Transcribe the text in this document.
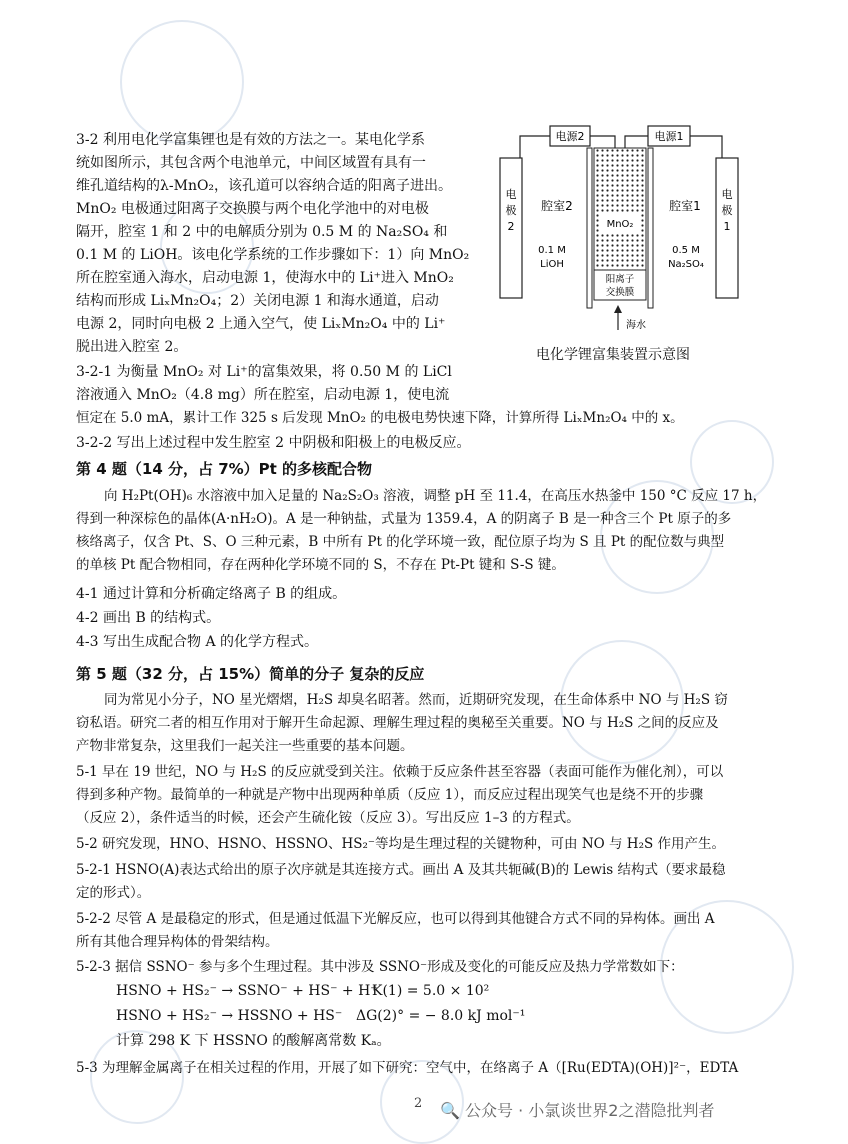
3-2 利用电化学富集锂也是有效的方法之一。某电化学系
统如图所示，其包含两个电池单元，中间区域置有具有一
维孔道结构的λ-MnO₂，该孔道可以容纳合适的阳离子进出。
MnO₂ 电极通过阳离子交换膜与两个电化学池中的对电极
隔开，腔室 1 和 2 中的电解质分别为 0.5 M 的 Na₂SO₄ 和
0.1 M 的 LiOH。该电化学系统的工作步骤如下：1）向 MnO₂
所在腔室通入海水，启动电源 1，使海水中的 Li⁺进入 MnO₂
结构而形成 LiₓMn₂O₄；2）关闭电源 1 和海水通道，启动
电源 2，同时向电极 2 上通入空气，使 LiₓMn₂O₄ 中的 Li⁺
脱出进入腔室 2。
3-2-1 为衡量 MnO₂ 对 Li⁺的富集效果，将 0.50 M 的 LiCl
溶液通入 MnO₂（4.8 mg）所在腔室，启动电源 1，使电流
恒定在 5.0 mA，累计工作 325 s 后发现 MnO₂ 的电极电势快速下降，计算所得 LiₓMn₂O₄ 中的 x。
3-2-2 写出上述过程中发生腔室 2 中阴极和阳极上的电极反应。
电源2	电源1
电极 2
电极 1
MnO₂
腔室2	腔室1
0.1 M LiOH
0.5 M Na₂SO₄
阳离子交换膜
海水
电化学锂富集装置示意图
第 4 题（14 分，占 7%）Pt 的多核配合物
向 H₂Pt(OH)₆ 水溶液中加入足量的 Na₂S₂O₃ 溶液，调整 pH 至 11.4，在高压水热釜中 150 °C 反应 17 h，
得到一种深棕色的晶体(A·nH₂O)。A 是一种钠盐，式量为 1359.4，A 的阴离子 B 是一种含三个 Pt 原子的多
核络离子，仅含 Pt、S、O 三种元素，B 中所有 Pt 的化学环境一致，配位原子均为 S 且 Pt 的配位数与典型
的单核 Pt 配合物相同，存在两种化学环境不同的 S，不存在 Pt-Pt 键和 S-S 键。
4-1 通过计算和分析确定络离子 B 的组成。
4-2 画出 B 的结构式。
4-3 写出生成配合物 A 的化学方程式。
第 5 题（32 分，占 15%）简单的分子 复杂的反应
同为常见小分子，NO 星光熠熠，H₂S 却臭名昭著。然而，近期研究发现，在生命体系中 NO 与 H₂S 窃
窃私语。研究二者的相互作用对于解开生命起源、理解生理过程的奥秘至关重要。NO 与 H₂S 之间的反应及
产物非常复杂，这里我们一起关注一些重要的基本问题。
5-1 早在 19 世纪，NO 与 H₂S 的反应就受到关注。依赖于反应条件甚至容器（表面可能作为催化剂），可以
得到多种产物。最简单的一种就是产物中出现两种单质（反应 1），而反应过程出现笑气也是绕不开的步骤
（反应 2），条件适当的时候，还会产生硫化铵（反应 3）。写出反应 1–3 的方程式。
5-2 研究发现，HNO、HSNO、HSSNO、HS₂⁻等均是生理过程的关键物种，可由 NO 与 H₂S 作用产生。
5-2-1 HSNO(A)表达式给出的原子次序就是其连接方式。画出 A 及其共轭碱(B)的 Lewis 结构式（要求最稳
定的形式）。
5-2-2 尽管 A 是最稳定的形式，但是通过低温下光解反应，也可以得到其他键合方式不同的异构体。画出 A
所有其他合理异构体的骨架结构。
5-2-3 据信 SSNO⁻ 参与多个生理过程。其中涉及 SSNO⁻形成及变化的可能反应及热力学常数如下：
HSNO + HS₂⁻ → SSNO⁻ + HS⁻ + H⁺
K(1) = 5.0 × 10²
HSNO + HS₂⁻ → HSSNO + HS⁻ ΔG(2)° = − 8.0 kJ mol⁻¹
计算 298 K 下 HSSNO 的酸解离常数 Kₐ。
5-3 为理解金属离子在相关过程的作用，开展了如下研究：空气中，在络离子 A（[Ru(EDTA)(OH)]²⁻，EDTA
2 🔍 公众号 · 小氯谈世界2之潜隐批判者
